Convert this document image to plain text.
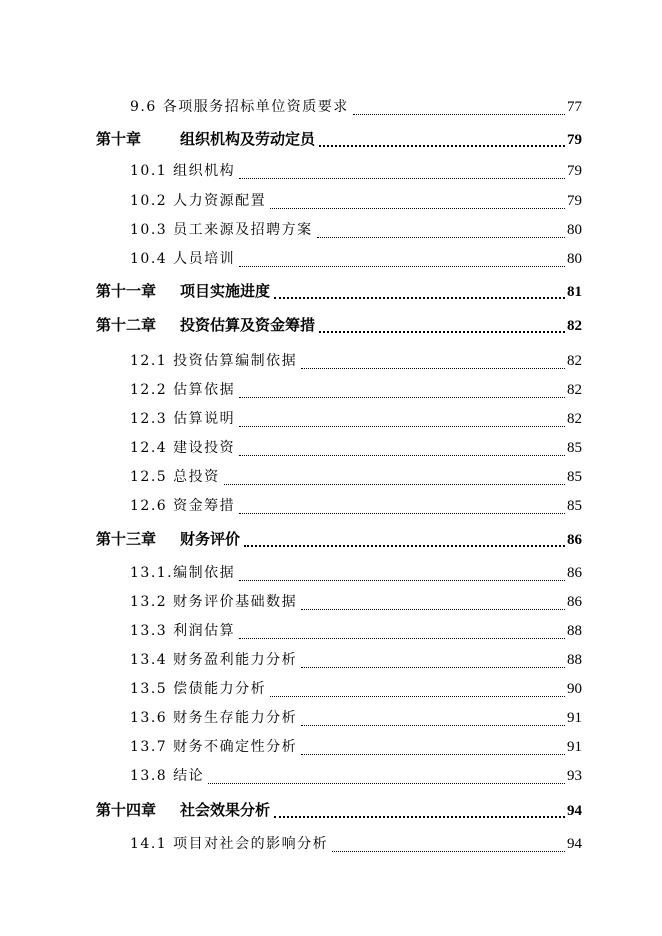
9.6 各项服务招标单位资质要求	77
第十章	组织机构及劳动定员	79
10.1 组织机构	79
10.2 人力资源配置	79
10.3 员工来源及招聘方案	80
10.4 人员培训	80
第十一章 项目实施进度	81
第十二章 投资估算及资金筹措	82
12.1 投资估算编制依据	82
12.2 估算依据	82
12.3 估算说明	82
12.4 建设投资	85
12.5 总投资	85
12.6 资金筹措	85
第十三章 财务评价	86
13.1.编制依据	86
13.2 财务评价基础数据	86
13.3 利润估算	88
13.4 财务盈利能力分析	88
13.5 偿债能力分析	90
13.6 财务生存能力分析	91
13.7 财务不确定性分析	91
13.8 结论	93
第十四章 社会效果分析	94
14.1 项目对社会的影响分析	94
